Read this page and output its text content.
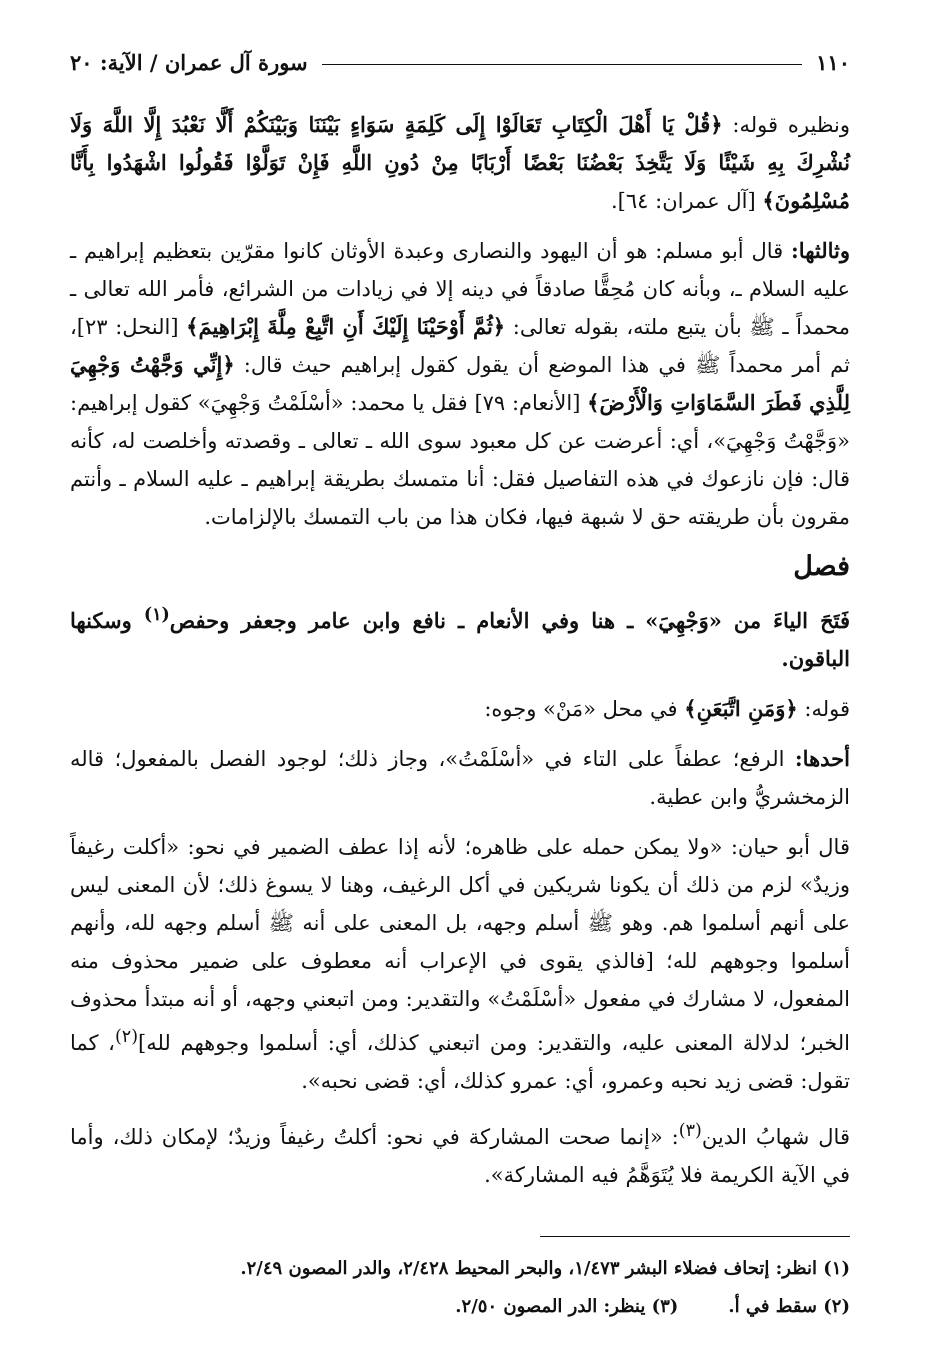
١١٠
سورة آل عمران / الآية: ٢٠

ونظيره قوله: ﴿قُلْ يَا أَهْلَ الْكِتَابِ تَعَالَوْا إِلَى كَلِمَةٍ سَوَاءٍ بَيْنَنَا وَبَيْنَكُمْ أَلَّا نَعْبُدَ إِلَّا اللَّهَ وَلَا نُشْرِكَ بِهِ شَيْئًا وَلَا يَتَّخِذَ بَعْضُنَا بَعْضًا أَرْبَابًا مِنْ دُونِ اللَّهِ فَإِنْ تَوَلَّوْا فَقُولُوا اشْهَدُوا بِأَنَّا مُسْلِمُونَ﴾ [آل عمران: ٦٤].

وثالثها: قال أبو مسلم: هو أن اليهود والنصارى وعبدة الأوثان كانوا مقرّين بتعظيم إبراهيم ـ عليه السلام ـ، وبأنه كان مُحِقًّا صادقاً في دينه إلا في زيادات من الشرائع، فأمر الله تعالى ـ محمداً ـ ﷺ بأن يتبع ملته، بقوله تعالى: ﴿ثُمَّ أَوْحَيْنَا إِلَيْكَ أَنِ اتَّبِعْ مِلَّةَ إِبْرَاهِيمَ﴾ [النحل: ٢٣]، ثم أمر محمداً ﷺ في هذا الموضع أن يقول كقول إبراهيم حيث قال: ﴿إِنِّي وَجَّهْتُ وَجْهِيَ لِلَّذِي فَطَرَ السَّمَاوَاتِ وَالْأَرْضَ﴾ [الأنعام: ٧٩] فقل يا محمد: «أسْلَمْتُ وَجْهِيَ» كقول إبراهيم: «وَجَّهْتُ وَجْهِيَ»، أي: أعرضت عن كل معبود سوى الله ـ تعالى ـ وقصدته وأخلصت له، كأنه قال: فإن نازعوك في هذه التفاصيل فقل: أنا متمسك بطريقة إبراهيم ـ عليه السلام ـ وأنتم مقرون بأن طريقته حق لا شبهة فيها، فكان هذا من باب التمسك بالإلزامات.

فصل

فَتَحَ الياءَ من «وَجْهِيَ» ـ هنا وفي الأنعام ـ نافع وابن عامر وجعفر وحفص$^{(١)}$ وسكنها الباقون.

قوله: ﴿وَمَنِ اتَّبَعَنِ﴾ في محل «مَنْ» وجوه:

أحدها: الرفع؛ عطفاً على التاء في «أسْلَمْتُ»، وجاز ذلك؛ لوجود الفصل بالمفعول؛ قاله الزمخشريُّ وابن عطية.

قال أبو حيان: «ولا يمكن حمله على ظاهره؛ لأنه إذا عطف الضمير في نحو: «أكلت رغيفاً وزيدٌ» لزم من ذلك أن يكونا شريكين في أكل الرغيف، وهنا لا يسوغ ذلك؛ لأن المعنى ليس على أنهم أسلموا هم. وهو ﷺ أسلم وجهه، بل المعنى على أنه ﷺ أسلم وجهه لله، وأنهم أسلموا وجوههم لله؛ [فالذي يقوى في الإعراب أنه معطوف على ضمير محذوف منه المفعول، لا مشارك في مفعول «أسْلَمْتُ» والتقدير: ومن اتبعني وجهه، أو أنه مبتدأ محذوف الخبر؛ لدلالة المعنى عليه، والتقدير: ومن اتبعني كذلك، أي: أسلموا وجوههم لله]$^{(٢)}$، كما تقول: قضى زيد نحبه وعمرو، أي: عمرو كذلك، أي: قضى نحبه».

قال شهابُ الدين$^{(٣)}$: «إنما صحت المشاركة في نحو: أكلتُ رغيفاً وزيدٌ؛ لإمكان ذلك، وأما في الآية الكريمة فلا يُتَوَهَّمُ فيه المشاركة».

(١) انظر: إتحاف فضلاء البشر ١/٤٧٣، والبحر المحيط ٢/٤٢٨، والدر المصون ٢/٤٩.
(٢) سقط في أ.
(٣) ينظر: الدر المصون ٢/٥٠.
